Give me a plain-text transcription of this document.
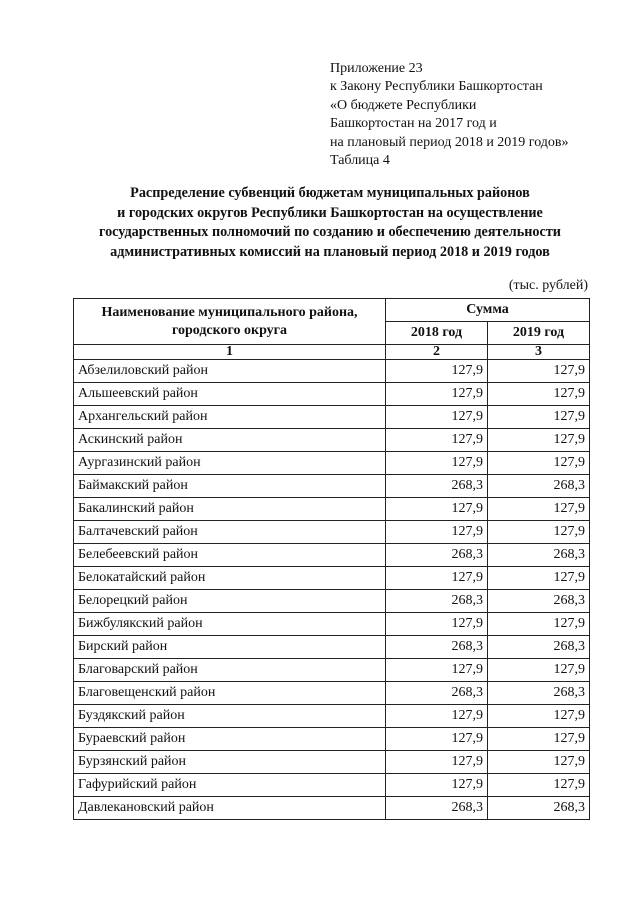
Приложение 23
к Закону Республики Башкортостан
«О бюджете Республики
Башкортостан на 2017 год и
на плановый период 2018 и 2019 годов»
Таблица 4
Распределение субвенций бюджетам муниципальных районов
и городских округов Республики Башкортостан на осуществление
государственных полномочий по созданию и обеспечению деятельности
административных комиссий на плановый период 2018 и 2019 годов
(тыс. рублей)
Наименование муниципального района,
городского округа	Сумма	
	2018 год	2019 год
1	2	3
Абзелиловский район	127,9	127,9
Альшеевский район	127,9	127,9
Архангельский район	127,9	127,9
Аскинский район	127,9	127,9
Аургазинский район	127,9	127,9
Баймакский район	268,3	268,3
Бакалинский район	127,9	127,9
Балтачевский район	127,9	127,9
Белебеевский район	268,3	268,3
Белокатайский район	127,9	127,9
Белорецкий район	268,3	268,3
Бижбулякский район	127,9	127,9
Бирский район	268,3	268,3
Благоварский район	127,9	127,9
Благовещенский район	268,3	268,3
Буздякский район	127,9	127,9
Бураевский район	127,9	127,9
Бурзянский район	127,9	127,9
Гафурийский район	127,9	127,9
Давлекановский район	268,3	268,3
